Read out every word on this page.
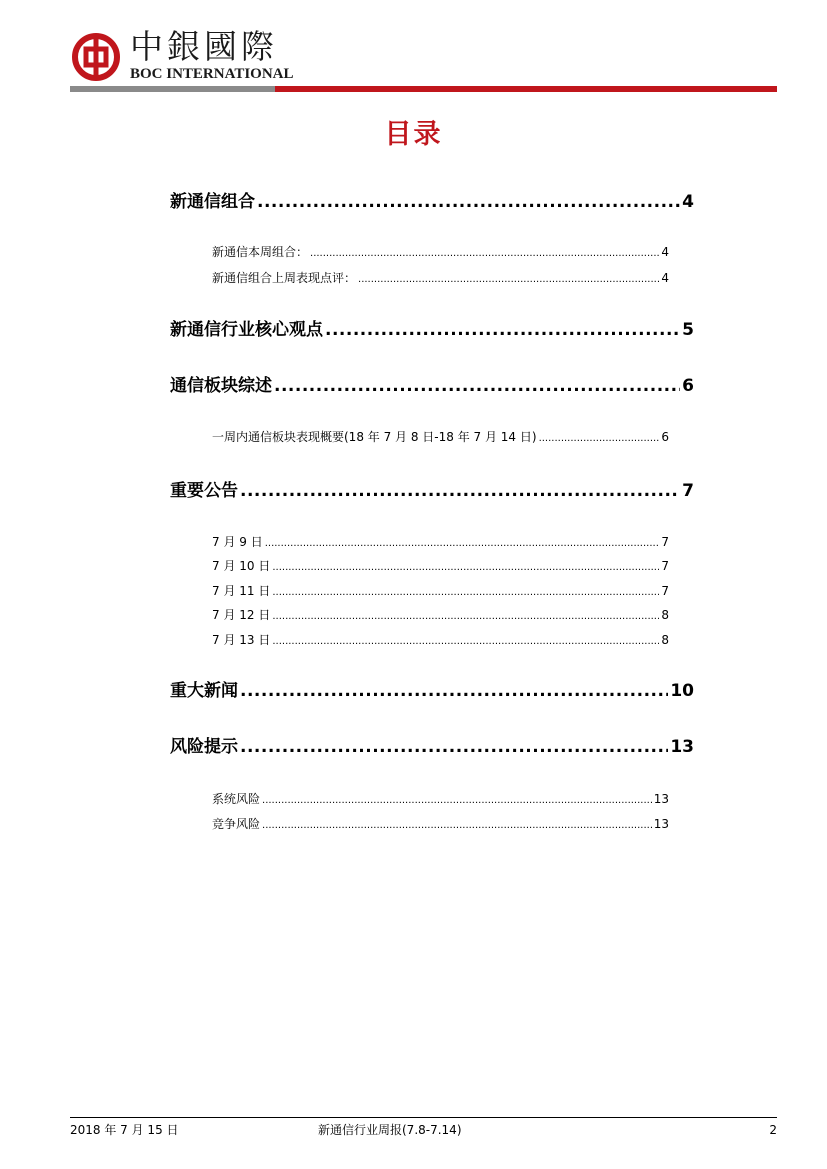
中銀國際
BOC INTERNATIONAL
目录
新通信组合 .....	4
新通信本周组合： .....	4
新通信组合上周表现点评： .....	4
新通信行业核心观点 .....	5
通信板块综述 .....	6
一周内通信板块表现概要(18 年 7 月 8 日-18 年 7 月 14 日) .....	6
重要公告 .....	7
7 月 9 日 .....	7
7 月 10 日 .....	7
7 月 11 日 .....	7
7 月 12 日 .....	8
7 月 13 日 .....	8
重大新闻 .....	10
风险提示 .....	13
系统风险 .....	13
竞争风险 .....	13
2018 年 7 月 15 日	新通信行业周报(7.8-7.14)	2
